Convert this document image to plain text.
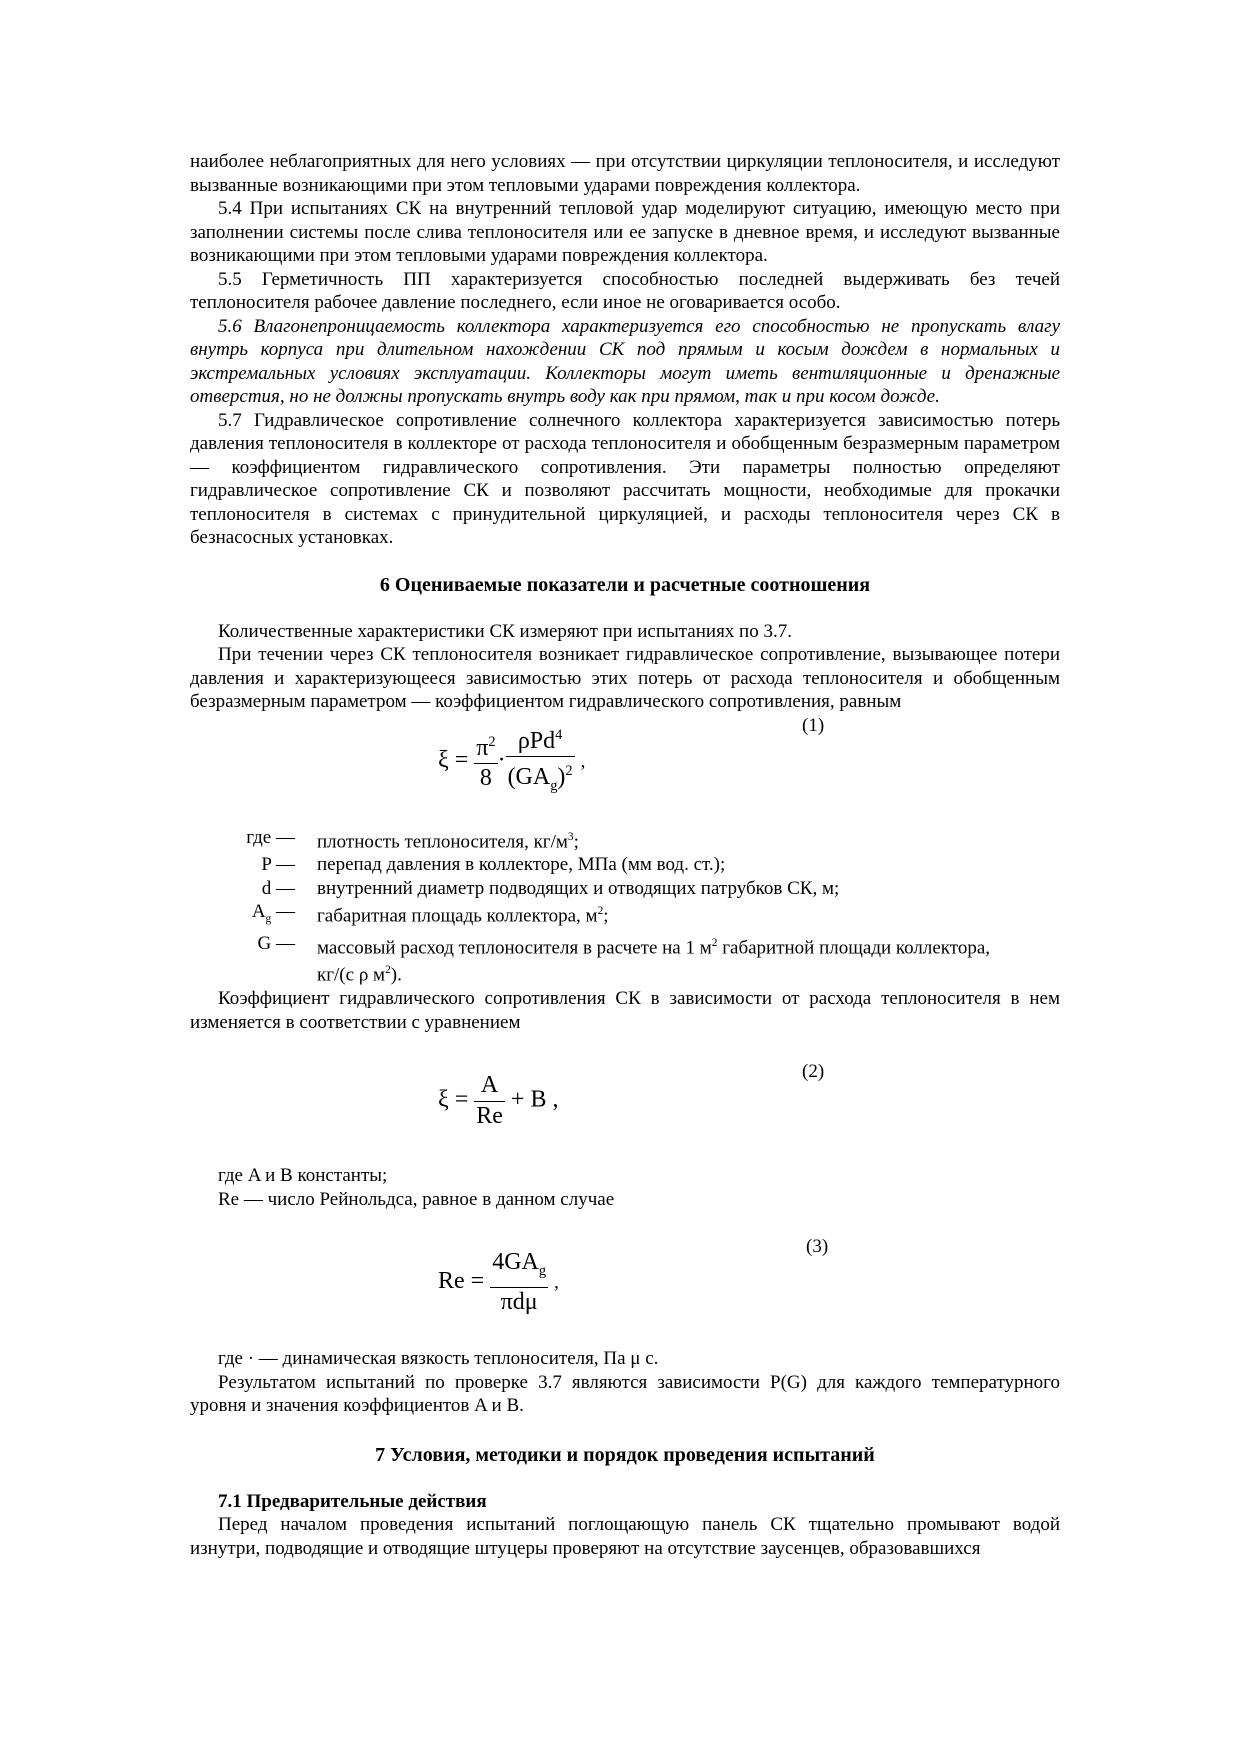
наиболее неблагоприятных для него условиях — при отсутствии циркуляции теплоносителя, и исследуют вызванные возникающими при этом тепловыми ударами повреждения коллектора.

5.4 При испытаниях СК на внутренний тепловой удар моделируют ситуацию, имеющую место при заполнении системы после слива теплоносителя или ее запуске в дневное время, и исследуют вызванные возникающими при этом тепловыми ударами повреждения коллектора.

5.5 Герметичность ПП характеризуется способностью последней выдерживать без течей теплоносителя рабочее давление последнего, если иное не оговаривается особо.

5.6 Влагонепроницаемость коллектора характеризуется его способностью не пропускать влагу внутрь корпуса при длительном нахождении СК под прямым и косым дождем в нормальных и экстремальных условиях эксплуатации. Коллекторы могут иметь вентиляционные и дренажные отверстия, но не должны пропускать внутрь воду как при прямом, так и при косом дожде.

5.7 Гидравлическое сопротивление солнечного коллектора характеризуется зависимостью потерь давления теплоносителя в коллекторе от расхода теплоносителя и обобщенным безразмерным параметром — коэффициентом гидравлического сопротивления. Эти параметры полностью определяют гидравлическое сопротивление СК и позволяют рассчитать мощности, необходимые для прокачки теплоносителя в системах с принудительной циркуляцией, и расходы теплоносителя через СК в безнасосных установках.

6 Оцениваемые показатели и расчетные соотношения

Количественные характеристики СК измеряют при испытаниях по 3.7.

При течении через СК теплоносителя возникает гидравлическое сопротивление, вызывающее потери давления и характеризующееся зависимостью этих потерь от расхода теплоносителя и обобщенным безразмерным параметром — коэффициентом гидравлического сопротивления, равным

(1)
$\xi = \frac{\pi^2}{8} \cdot \frac{\rho Pd^4}{(GA_g)^2}$ ,
где —	плотность теплоносителя, $кг/м^3$;
P —	перепад давления в коллекторе, МПа (мм вод. ст.);
d —	внутренний диаметр подводящих и отводящих патрубков СК, м;
$A_g$ —	габаритная площадь коллектора, $м^2$;
G —	массовый расход теплоносителя в расчете на 1 $м^2$ габаритной площади коллектора,
	кг/(с ρ $м^2$).

Коэффициент гидравлического сопротивления СК в зависимости от расхода теплоносителя в нем изменяется в соответствии с уравнением

(2)
$\xi = \frac{A}{Re} + B$ ,

где A и B константы;

Re — число Рейнольдса, равное в данном случае

(3)
$Re = \frac{4GA_g}{\text{πdμ}}$ ,

где · — динамическая вязкость теплоносителя, Па μ с.

Результатом испытаний по проверке 3.7 являются зависимости P(G) для каждого температурного уровня и значения коэффициентов A и B.

7 Условия, методики и порядок проведения испытаний
7.1 Предварительные действия

Перед началом проведения испытаний поглощающую панель СК тщательно промывают водой изнутри, подводящие и отводящие штуцеры проверяют на отсутствие заусенцев, образовавшихся
